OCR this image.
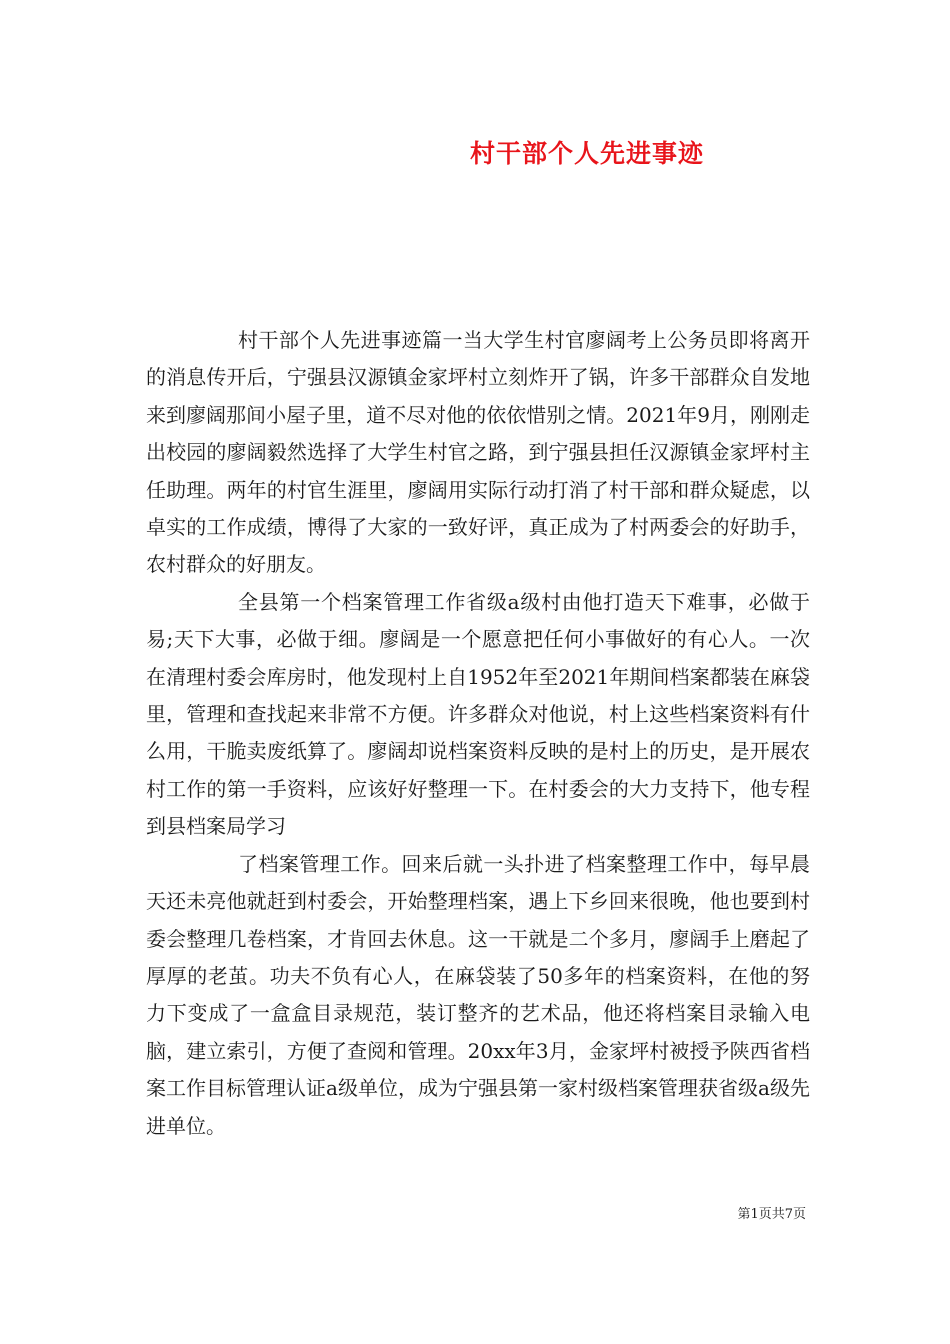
村干部个人先进事迹

村干部个人先进事迹篇一当大学生村官廖阔考上公务员即将离开的消息传开后，宁强县汉源镇金家坪村立刻炸开了锅，许多干部群众自发地来到廖阔那间小屋子里，道不尽对他的依依惜别之情。2021年9月，刚刚走出校园的廖阔毅然选择了大学生村官之路，到宁强县担任汉源镇金家坪村主任助理。两年的村官生涯里，廖阔用实际行动打消了村干部和群众疑虑，以卓实的工作成绩，博得了大家的一致好评，真正成为了村两委会的好助手，农村群众的好朋友。

全县第一个档案管理工作省级a级村由他打造天下难事，必做于易;天下大事，必做于细。廖阔是一个愿意把任何小事做好的有心人。一次在清理村委会库房时，他发现村上自1952年至2021年期间档案都装在麻袋里，管理和查找起来非常不方便。许多群众对他说，村上这些档案资料有什么用，干脆卖废纸算了。廖阔却说档案资料反映的是村上的历史，是开展农村工作的第一手资料，应该好好整理一下。在村委会的大力支持下，他专程到县档案局学习

了档案管理工作。回来后就一头扑进了档案整理工作中，每早晨天还未亮他就赶到村委会，开始整理档案，遇上下乡回来很晚，他也要到村委会整理几卷档案，才肯回去休息。这一干就是二个多月，廖阔手上磨起了厚厚的老茧。功夫不负有心人，在麻袋装了50多年的档案资料，在他的努力下变成了一盒盒目录规范，装订整齐的艺术品，他还将档案目录输入电脑，建立索引，方便了查阅和管理。20xx年3月，金家坪村被授予陕西省档案工作目标管理认证a级单位，成为宁强县第一家村级档案管理获省级a级先进单位。

第1页共7页
